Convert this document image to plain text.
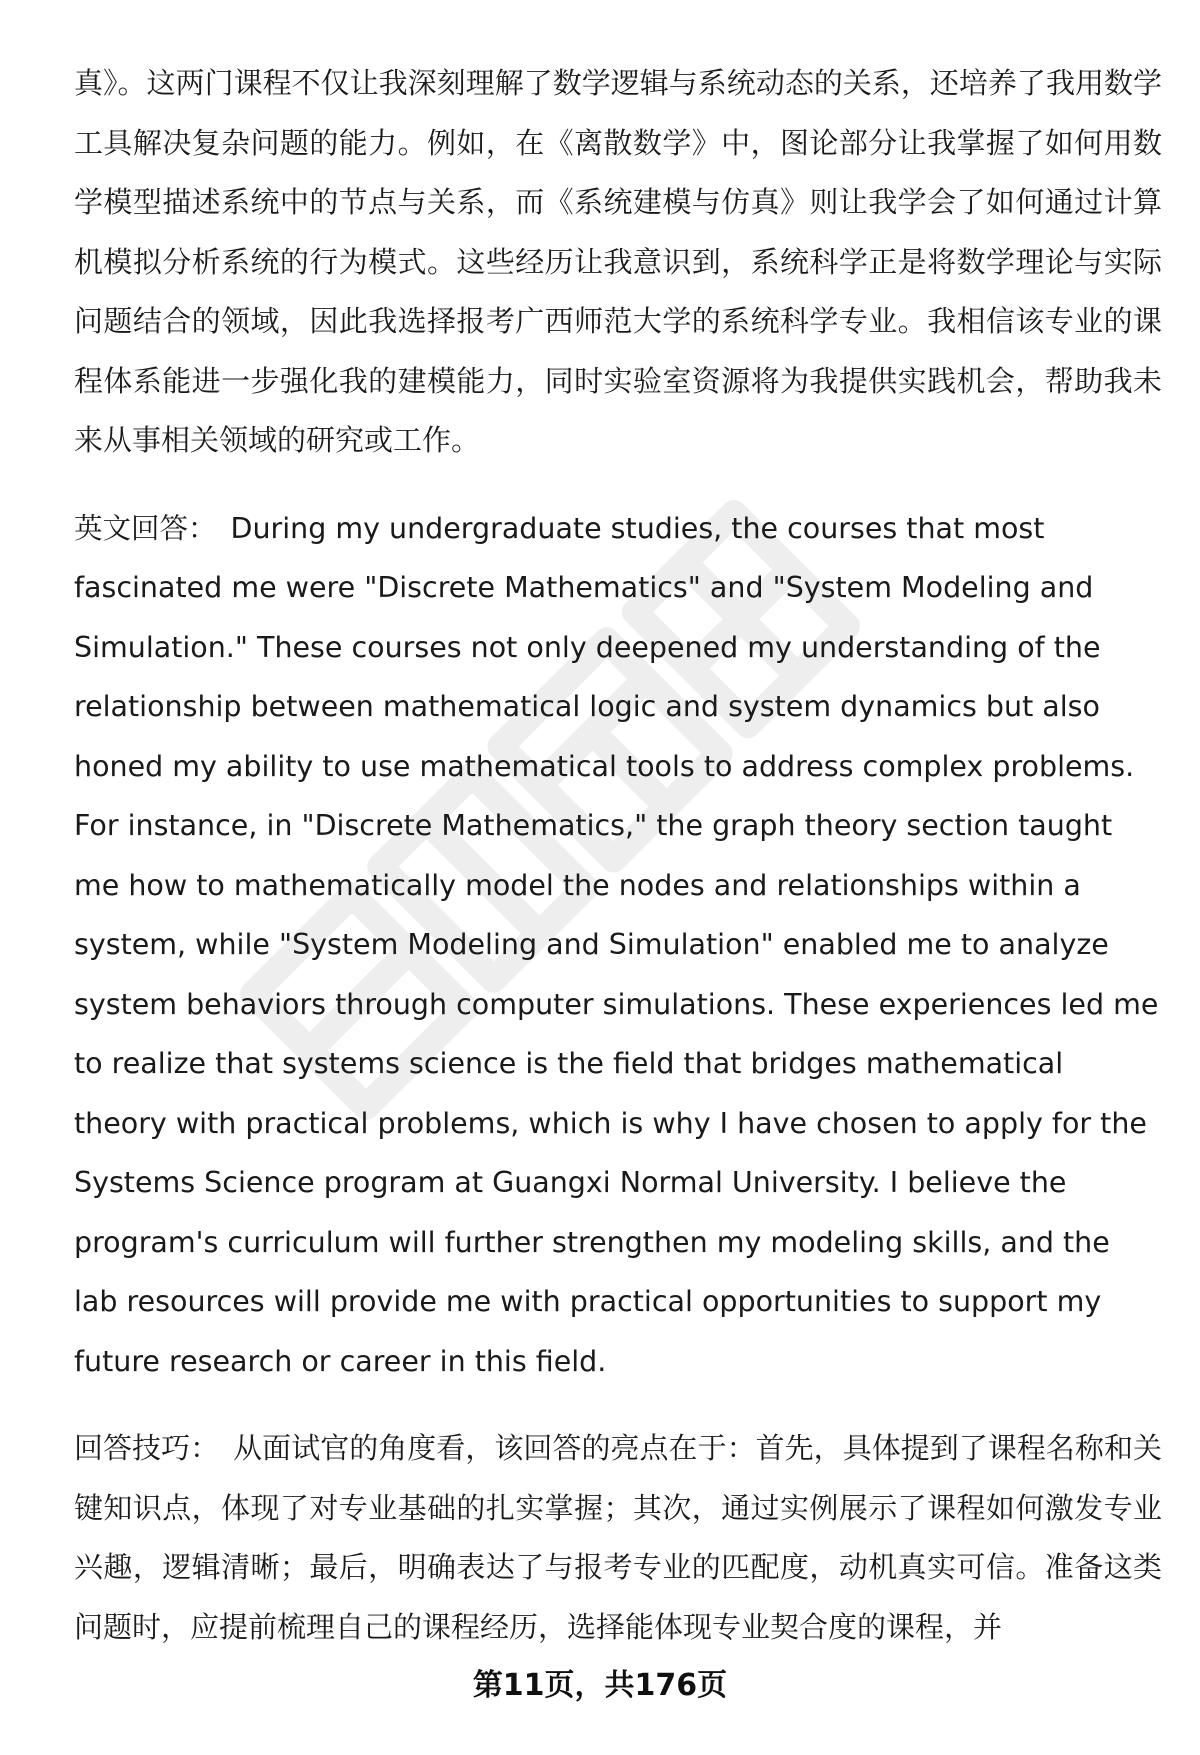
真》。这两门课程不仅让我深刻理解了数学逻辑与系统动态的关系，还培养了我用数学工具解决复杂问题的能力。例如，在《离散数学》中，图论部分让我掌握了如何用数学模型描述系统中的节点与关系，而《系统建模与仿真》则让我学会了如何通过计算机模拟分析系统的行为模式。这些经历让我意识到，系统科学正是将数学理论与实际问题结合的领域，因此我选择报考广西师范大学的系统科学专业。我相信该专业的课程体系能进一步强化我的建模能力，同时实验室资源将为我提供实践机会，帮助我未来从事相关领域的研究或工作。

英文回答： During my undergraduate studies, the courses that most fascinated me were "Discrete Mathematics" and "System Modeling and Simulation." These courses not only deepened my understanding of the relationship between mathematical logic and system dynamics but also honed my ability to use mathematical tools to address complex problems. For instance, in "Discrete Mathematics," the graph theory section taught me how to mathematically model the nodes and relationships within a system, while "System Modeling and Simulation" enabled me to analyze system behaviors through computer simulations. These experiences led me to realize that systems science is the field that bridges mathematical theory with practical problems, which is why I have chosen to apply for the Systems Science program at Guangxi Normal University. I believe the program's curriculum will further strengthen my modeling skills, and the lab resources will provide me with practical opportunities to support my future research or career in this field.

回答技巧： 从面试官的角度看，该回答的亮点在于：首先，具体提到了课程名称和关键知识点，体现了对专业基础的扎实掌握；其次，通过实例展示了课程如何激发专业兴趣，逻辑清晰；最后，明确表达了与报考专业的匹配度，动机真实可信。准备这类问题时，应提前梳理自己的课程经历，选择能体现专业契合度的课程，并

第11页，共176页
